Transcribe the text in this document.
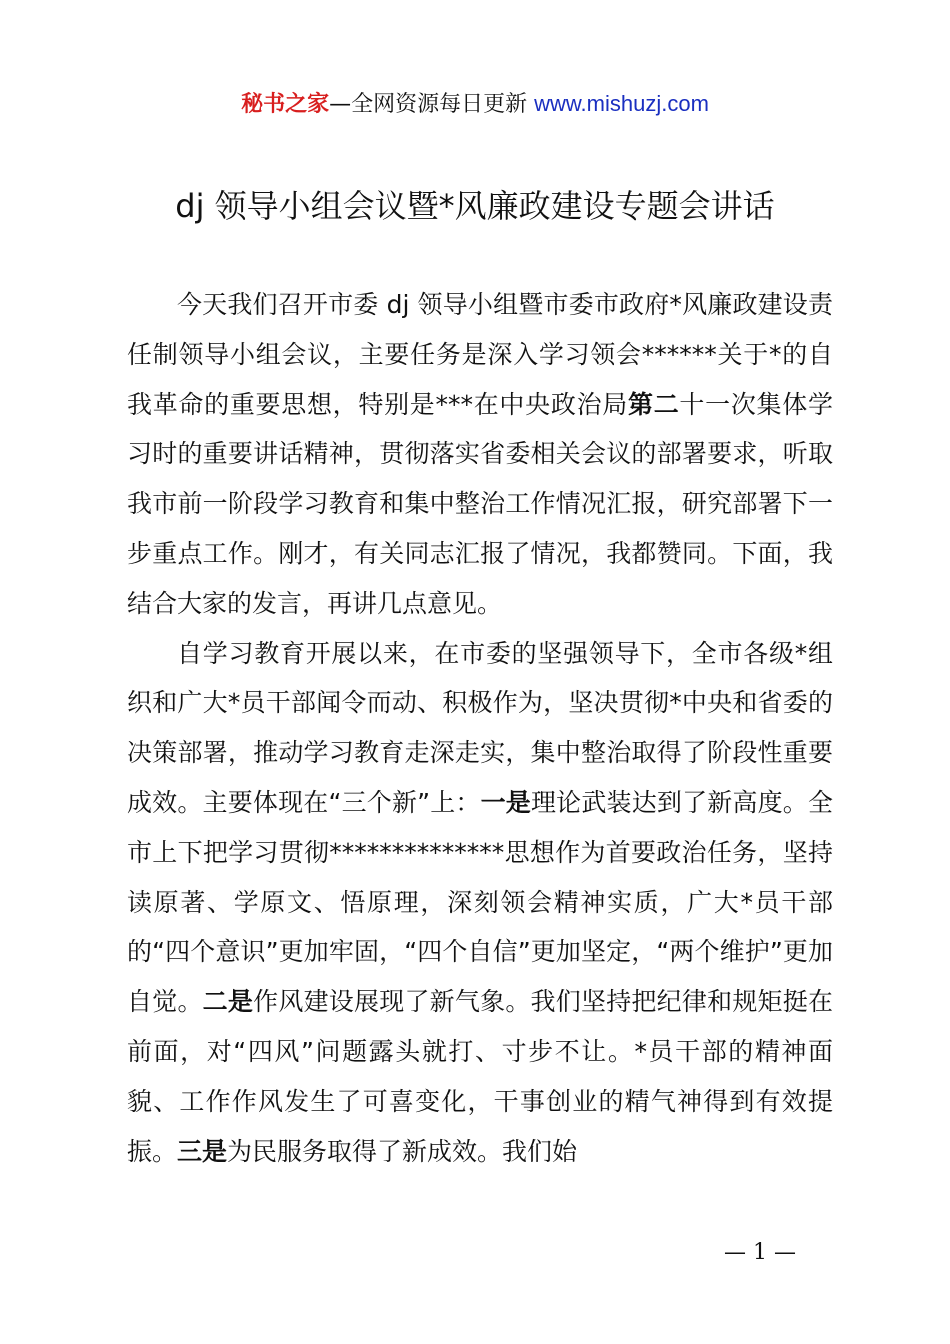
秘书之家—全网资源每日更新 www.mishuzj.com
dj 领导小组会议暨*风廉政建设专题会讲话

今天我们召开市委 dj 领导小组暨市委市政府*风廉政建设责任制领导小组会议，主要任务是深入学习领会******关于*的自我革命的重要思想，特别是***在中央政治局第二十一次集体学习时的重要讲话精神，贯彻落实省委相关会议的部署要求，听取我市前一阶段学习教育和集中整治工作情况汇报，研究部署下一步重点工作。刚才，有关同志汇报了情况，我都赞同。下面，我结合大家的发言，再讲几点意见。

自学习教育开展以来，在市委的坚强领导下，全市各级*组织和广大*员干部闻令而动、积极作为，坚决贯彻*中央和省委的决策部署，推动学习教育走深走实，集中整治取得了阶段性重要成效。主要体现在“三个新”上：一是理论武装达到了新高度。全市上下把学习贯彻**************思想作为首要政治任务，坚持读原著、学原文、悟原理，深刻领会精神实质，广大*员干部的“四个意识”更加牢固，“四个自信”更加坚定，“两个维护”更加自觉。二是作风建设展现了新气象。我们坚持把纪律和规矩挺在前面，对“四风”问题露头就打、寸步不让。*员干部的精神面貌、工作作风发生了可喜变化，干事创业的精气神得到有效提振。三是为民服务取得了新成效。我们始

— 1 —
